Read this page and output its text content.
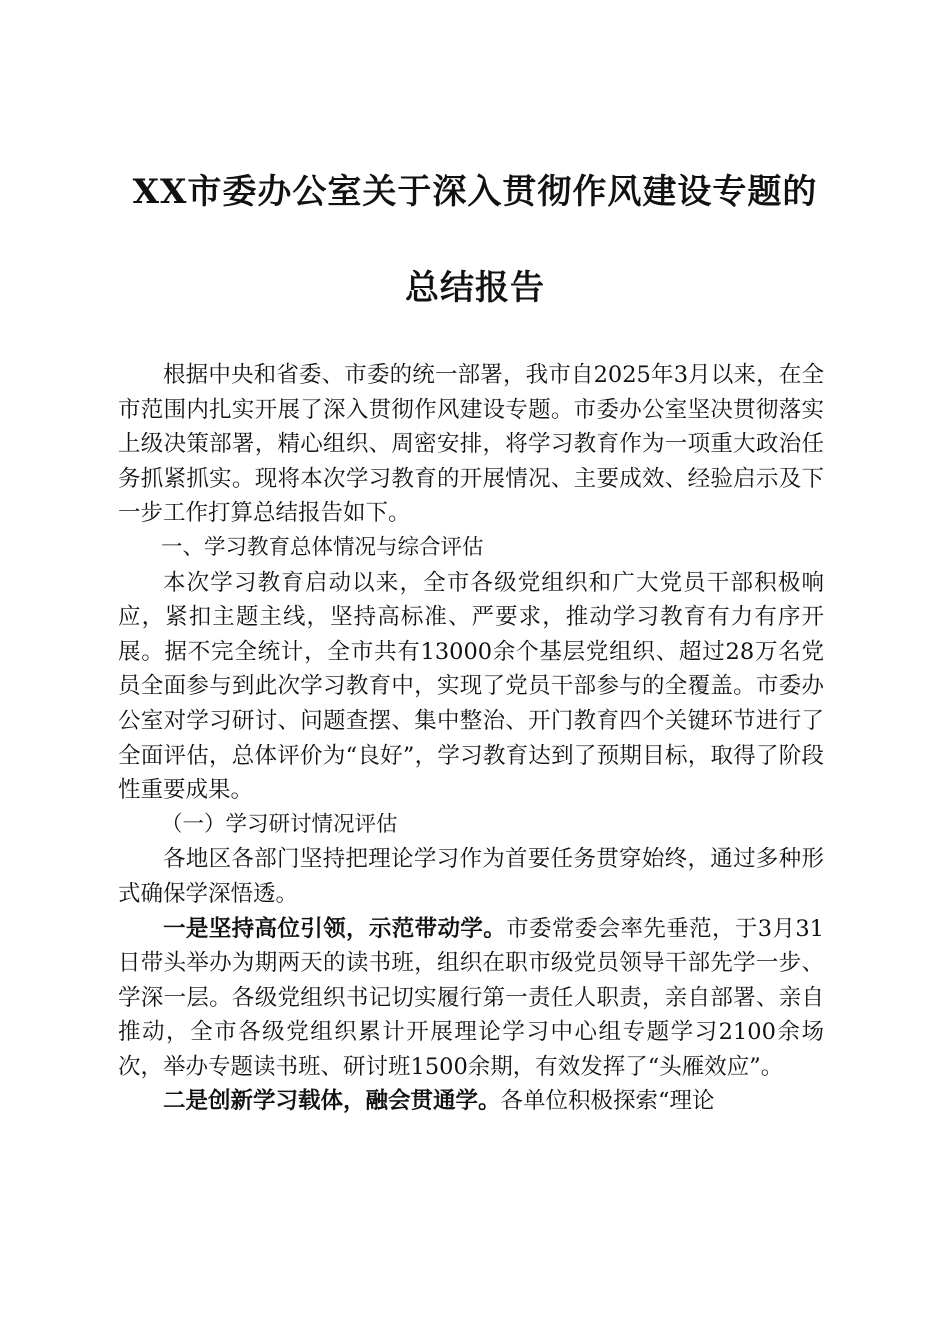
XX市委办公室关于深入贯彻作风建设专题的
总结报告

根据中央和省委、市委的统一部署，我市自2025年3月以来，在全市范围内扎实开展了深入贯彻作风建设专题。市委办公室坚决贯彻落实上级决策部署，精心组织、周密安排，将学习教育作为一项重大政治任务抓紧抓实。现将本次学习教育的开展情况、主要成效、经验启示及下一步工作打算总结报告如下。

一、学习教育总体情况与综合评估

本次学习教育启动以来，全市各级党组织和广大党员干部积极响应，紧扣主题主线，坚持高标准、严要求，推动学习教育有力有序开展。据不完全统计，全市共有13000余个基层党组织、超过28万名党员全面参与到此次学习教育中，实现了党员干部参与的全覆盖。市委办公室对学习研讨、问题查摆、集中整治、开门教育四个关键环节进行了全面评估，总体评价为“良好”，学习教育达到了预期目标，取得了阶段性重要成果。

（一）学习研讨情况评估

各地区各部门坚持把理论学习作为首要任务贯穿始终，通过多种形式确保学深悟透。

一是坚持高位引领，示范带动学。市委常委会率先垂范，于3月31日带头举办为期两天的读书班，组织在职市级党员领导干部先学一步、学深一层。各级党组织书记切实履行第一责任人职责，亲自部署、亲自推动，全市各级党组织累计开展理论学习中心组专题学习2100余场次，举办专题读书班、研讨班1500余期，有效发挥了“头雁效应”。

二是创新学习载体，融会贯通学。各单位积极探索“理论
